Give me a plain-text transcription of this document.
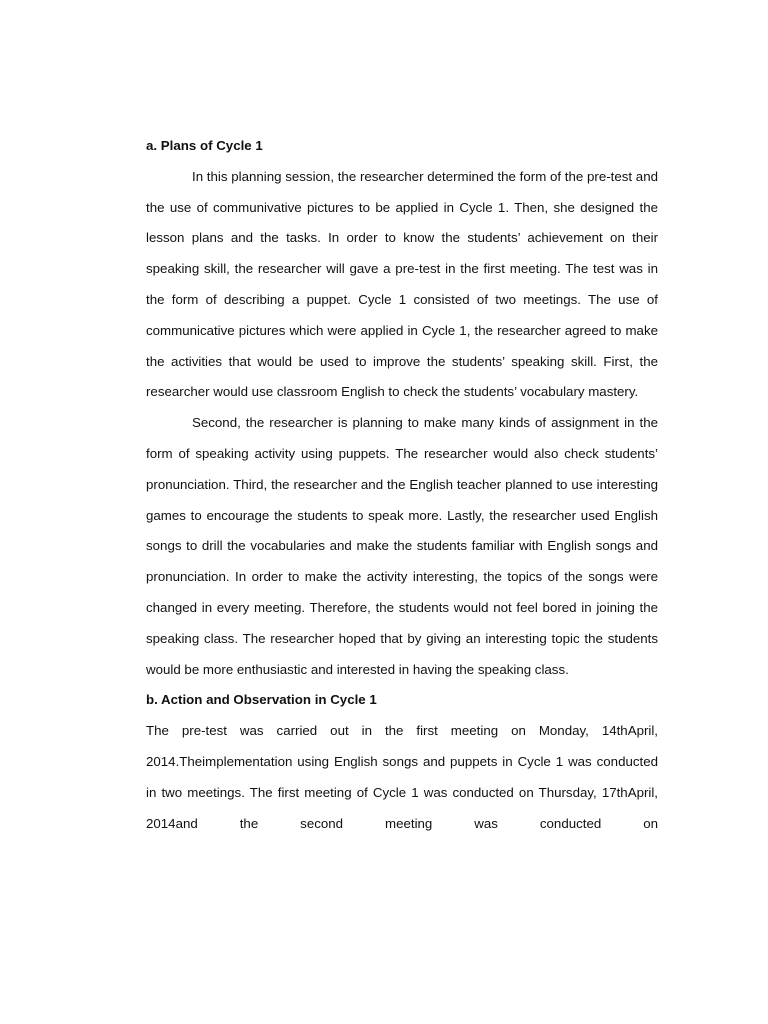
a. Plans of Cycle 1

In this planning session, the researcher determined the form of the pre-test and the use of communivative pictures to be applied in Cycle 1. Then, she designed the lesson plans and the tasks. In order to know the students’ achievement on their speaking skill, the researcher will gave a pre-test in the first meeting. The test was in the form of describing a puppet. Cycle 1 consisted of two meetings. The use of communicative pictures which were applied in Cycle 1, the researcher agreed to make the activities that would be used to improve the students’ speaking skill. First, the researcher would use classroom English to check the students’ vocabulary mastery.

Second, the researcher is planning to make many kinds of assignment in the form of speaking activity using puppets. The researcher would also check students’ pronunciation. Third, the researcher and the English teacher planned to use interesting games to encourage the students to speak more. Lastly, the researcher used English songs to drill the vocabularies and make the students familiar with English songs and pronunciation. In order to make the activity interesting, the topics of the songs were changed in every meeting. Therefore, the students would not feel bored in joining the speaking class. The researcher hoped that by giving an interesting topic the students would be more enthusiastic and interested in having the speaking class.

b. Action and Observation in Cycle 1

The pre-test was carried out in the first meeting on Monday, 14thApril, 2014.Theimplementation using English songs and puppets in Cycle 1 was conducted in two meetings. The first meeting of Cycle 1 was conducted on Thursday, 17thApril, 2014and the second meeting was conducted on
